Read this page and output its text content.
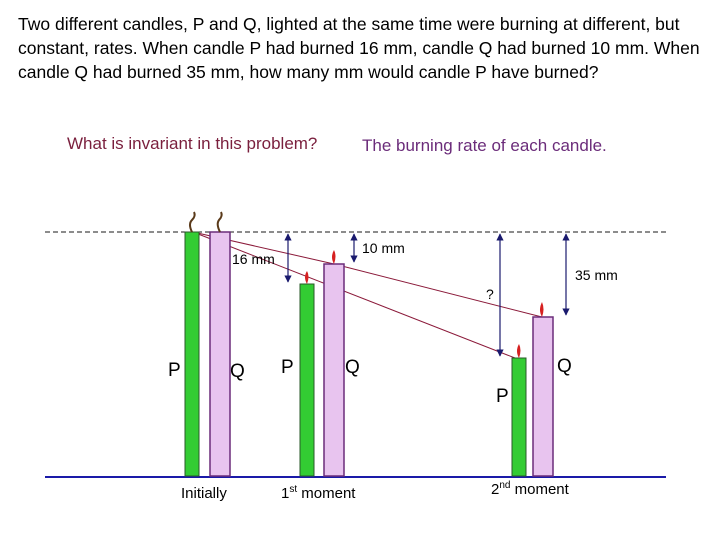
Two different candles, P and Q, lighted at the same time were burning at different, but constant, rates. When candle P had burned 16 mm, candle Q had burned 10 mm. When candle Q had burned 35 mm, how many mm would candle P have burned?

What is invariant in this problem?	The burning rate of each candle.
16 mm
10 mm
?
35 mm
P	Q P	Q
P
Q
Initially	1st moment	2nd moment
